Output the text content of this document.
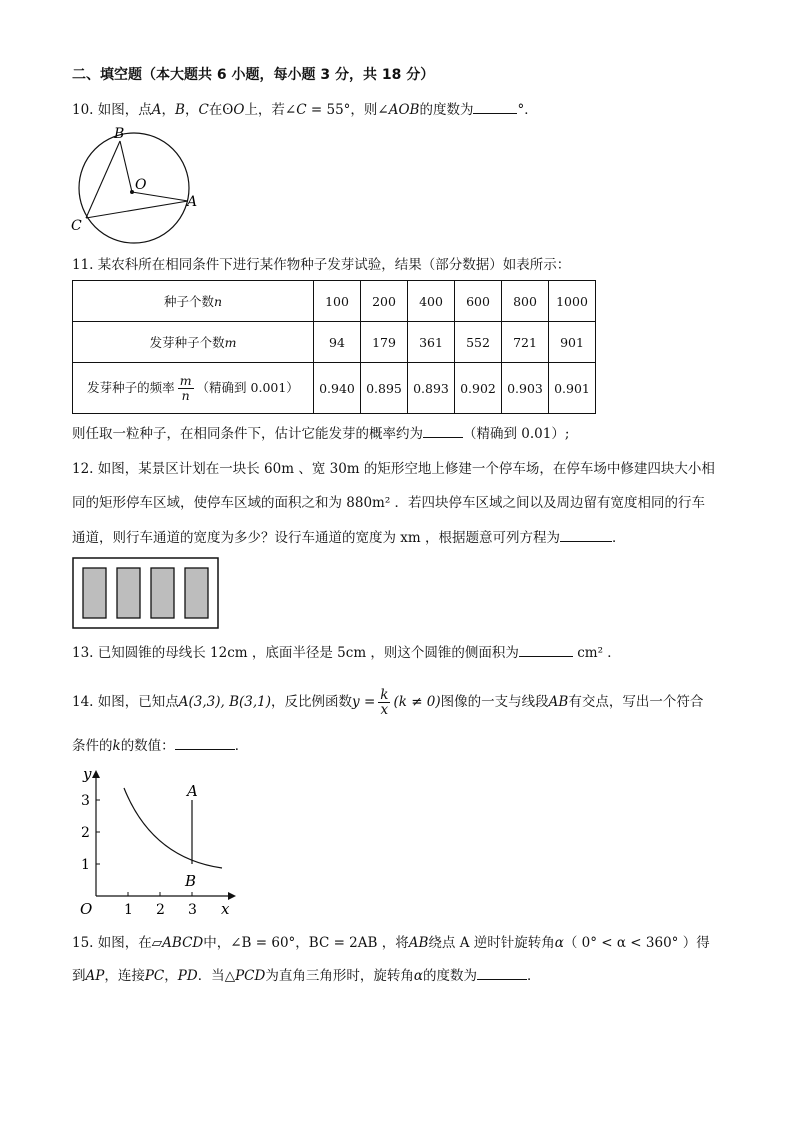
二、填空题（本大题共 6 小题，每小题 3 分，共 18 分）
10. 如图，点A，B，C在ʘO上，若∠C = 55°，则∠AOB的度数为	°．
B
O
A
C
11. 某农科所在相同条件下进行某作物种子发芽试验，结果（部分数据）如表所示：
种子个数n	100	200	400	600	800	1000
发芽种子个数m	94	179	361	552	721	901
发芽种子的频率 $\frac{m}{n}$ （精确到 0.001）	0.940	0.895	0.893	0.902	0.903	0.901
则任取一粒种子，在相同条件下，估计它能发芽的概率约为	（精确到 0.01）;
12. 如图，某景区计划在一块长 60m 、宽 30m 的矩形空地上修建一个停车场，在停车场中修建四块大小相
同的矩形停车区域，使停车区域的面积之和为 880m² ．若四块停车区域之间以及周边留有宽度相同的行车
通道，则行车通道的宽度为多少？设行车通道的宽度为 xm ，根据题意可列方程为	．
13. 已知圆锥的母线长 12cm ，底面半径是 5cm ，则这个圆锥的侧面积为	cm² ．
14. 如图，已知点A(3,3), B(3,1)，反比例函数$y = \frac{k}{x} (k \ne 0)$图像的一支与线段AB有交点，写出一个符合
条件的k的数值：	．
1 2 3
1
2
3
O	x
y
A
B
15. 如图，在▱ABCD中，∠B = 60°，BC = 2AB ，将AB绕点 A 逆时针旋转角α（ 0° < α < 360° ）得
到AP，连接PC，PD．当△PCD为直角三角形时，旋转角α的度数为	．
